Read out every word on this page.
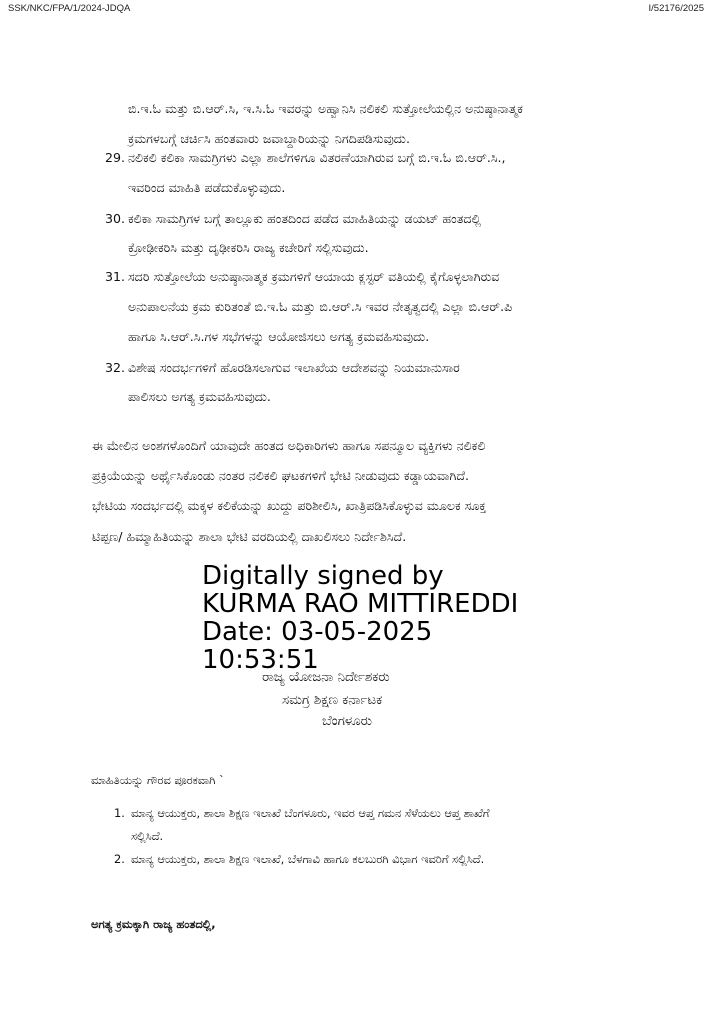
SSK/NKC/FPA/1/2024-JDQA	I/52176/2025
ಬಿ.ಇ.ಓ ಮತ್ತು ಬಿ.ಆರ್.ಸಿ, ಇ.ಸಿ.ಓ ಇವರನ್ನು ಅಹ್ವಾನಿಸಿ ನಲಿಕಲಿ ಸುತ್ತೋಲೆಯಲ್ಲಿನ ಅನುಷ್ಠಾನಾತ್ಮಕ
ಕ್ರಮಗಳಬಗ್ಗೆ ಚರ್ಚಿಸಿ ಹಂತವಾರು ಜವಾಬ್ದಾರಿಯನ್ನು ನಿಗದಿಪಡಿಸುವುದು.
29. ನಲಿಕಲಿ ಕಲಿಕಾ ಸಾಮಗ್ರಿಗಳು ಎಲ್ಲಾ ಶಾಲೆಗಳಿಗೂ ವಿತರಣೆಯಾಗಿರುವ ಬಗ್ಗೆ ಬಿ.ಇ.ಓ ಬಿ.ಆರ್.ಸಿ.,
ಇವರಿಂದ ಮಾಹಿತಿ ಪಡೆದುಕೊಳ್ಳುವುದು.
30. ಕಲಿಕಾ ಸಾಮಗ್ರಿಗಳ ಬಗ್ಗೆ ತಾಲ್ಲೂಕು ಹಂತದಿಂದ ಪಡೆದ ಮಾಹಿತಿಯನ್ನು ಡಯಟ್ ಹಂತದಲ್ಲಿ
ಕ್ರೋಢೀಕರಿಸಿ ಮತ್ತು ದೃಢೀಕರಿಸಿ ರಾಜ್ಯ ಕಚೇರಿಗೆ ಸಲ್ಲಿಸುವುದು.
31. ಸದರಿ ಸುತ್ತೋಲೆಯ ಅನುಷ್ಠಾನಾತ್ಮಕ ಕ್ರಮಗಳಿಗೆ ಆಯಾಯ ಕ್ಲಸ್ಟರ್ ವತಿಯಲ್ಲಿ ಕೈಗೊಳ್ಳಲಾಗಿರುವ
ಅನುಪಾಲನೆಯ ಕ್ರಮ ಕುರಿತಂತೆ ಬಿ.ಇ.ಓ ಮತ್ತು ಬಿ.ಆರ್.ಸಿ ಇವರ ನೇತೃತ್ವದಲ್ಲಿ ಎಲ್ಲಾ ಬಿ.ಆರ್.ಪಿ
ಹಾಗೂ ಸಿ.ಆರ್.ಸಿ.ಗಳ ಸಭೆಗಳನ್ನು ಆಯೋಜಿಸಲು ಅಗತ್ಯ ಕ್ರಮವಹಿಸುವುದು.
32. ವಿಶೇಷ ಸಂದರ್ಭಗಳಿಗೆ ಹೊರಡಿಸಲಾಗುವ ಇಲಾಖೆಯ ಆದೇಶವನ್ನು ನಿಯಮಾನುಸಾರ
ಪಾಲಿಸಲು ಅಗತ್ಯ ಕ್ರಮವಹಿಸುವುದು.
ಈ ಮೇಲಿನ ಅಂಶಗಳೊಂದಿಗೆ ಯಾವುದೇ ಹಂತದ ಅಧಿಕಾರಿಗಳು ಹಾಗೂ ಸಪನ್ಮೂಲ ವ್ಯಕ್ತಿಗಳು ನಲಿಕಲಿ
ಪ್ರಕ್ರಿಯೆಯನ್ನು ಅರ್ಥೈಸಿಕೊಂಡು ನಂತರ ನಲಿಕಲಿ ಘಟಕಗಳಿಗೆ ಭೇಟಿ ನೀಡುವುದು ಕಡ್ಡಾಯವಾಗಿದೆ.
ಭೇಟಿಯ ಸಂದರ್ಭದಲ್ಲಿ ಮಕ್ಕಳ ಕಲಿಕೆಯನ್ನು ಖುದ್ದು ಪರಿಶೀಲಿಸಿ, ಖಾತ್ರಿಪಡಿಸಿಕೊಳ್ಳುವ ಮೂಲಕ ಸೂಕ್ತ
ಟಿಪ್ಪಣ/ ಹಿಮ್ಮಾಹಿತಿಯನ್ನು ಶಾಲಾ ಭೇಟಿ ವರದಿಯಲ್ಲಿ ದಾಖಲಿಸಲು ನಿರ್ದೇಶಿಸಿದೆ.
Digitally signed by
KURMA RAO MITTIREDDI
Date: 03-05-2025
10:53:51
ರಾಜ್ಯ ಯೋಜನಾ ನಿರ್ದೇಶಕರು
ಸಮಗ್ರ ಶಿಕ್ಷಣ ಕರ್ನಾಟಕ
ಬೆಂಗಳೂರು
ಮಾಹಿತಿಯನ್ನು ಗೌರವ ಪೂರಕವಾಗಿ `
1. ಮಾನ್ಯ ಆಯುಕ್ತರು, ಶಾಲಾ ಶಿಕ್ಷಣ ಇಲಾಖೆ ಬೆಂಗಳೂರು, ಇವರ ಆಪ್ತ ಗಮನ ಸೆಳೆಯಲು ಆಪ್ತ ಶಾಖೆಗೆ
ಸಲ್ಲಿಸಿದೆ.
2. ಮಾನ್ಯ ಆಯುಕ್ತರು, ಶಾಲಾ ಶಿಕ್ಷಣ ಇಲಾಖೆ, ಬೆಳಗಾವಿ ಹಾಗೂ ಕಲಬುರಗಿ ವಿಭಾಗ ಇವರಿಗೆ ಸಲ್ಲಿಸಿದೆ.
ಅಗತ್ಯ ಕ್ರಮಕ್ಕಾಗಿ ರಾಜ್ಯ ಹಂತದಲ್ಲಿ,
